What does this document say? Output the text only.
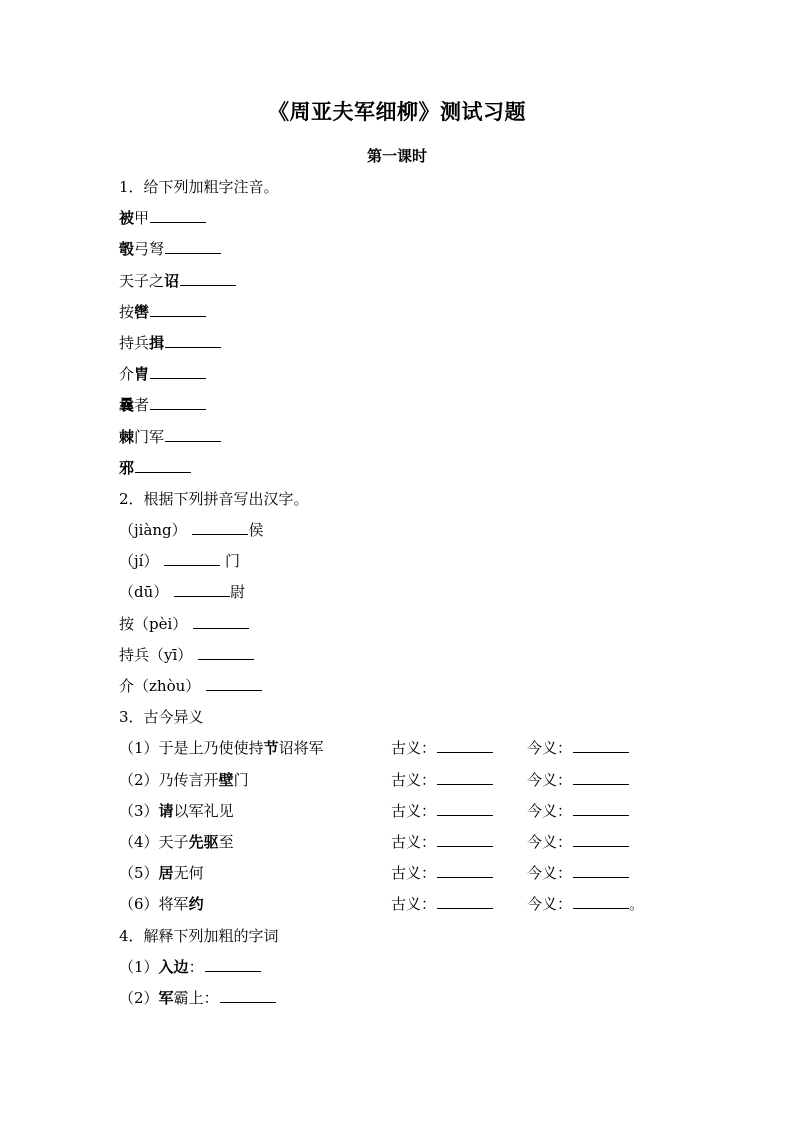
《周亚夫军细柳》测试习题
第一课时
1．给下列加粗字注音。
被甲
彀弓弩
天子之诏
按辔
持兵揖
介胄
曩者
棘门军
邪
2．根据下列拼音写出汉字。
（jiàng）	侯
（jí）	门
（dū）	尉
按（pèi）
持兵（yī）
介（zhòu）
3．古今异义
（1）于是上乃使使持节诏将军	古义：	今义：
（2）乃传言开壁门	古义：	今义：
（3）请以军礼见	古义：	今义：
（4）天子先驱至	古义：	今义：
（5）居无何	古义：	今义：
（6）将军约	古义：	今义：	。
4．解释下列加粗的字词
（1）入边：
（2）军霸上：
